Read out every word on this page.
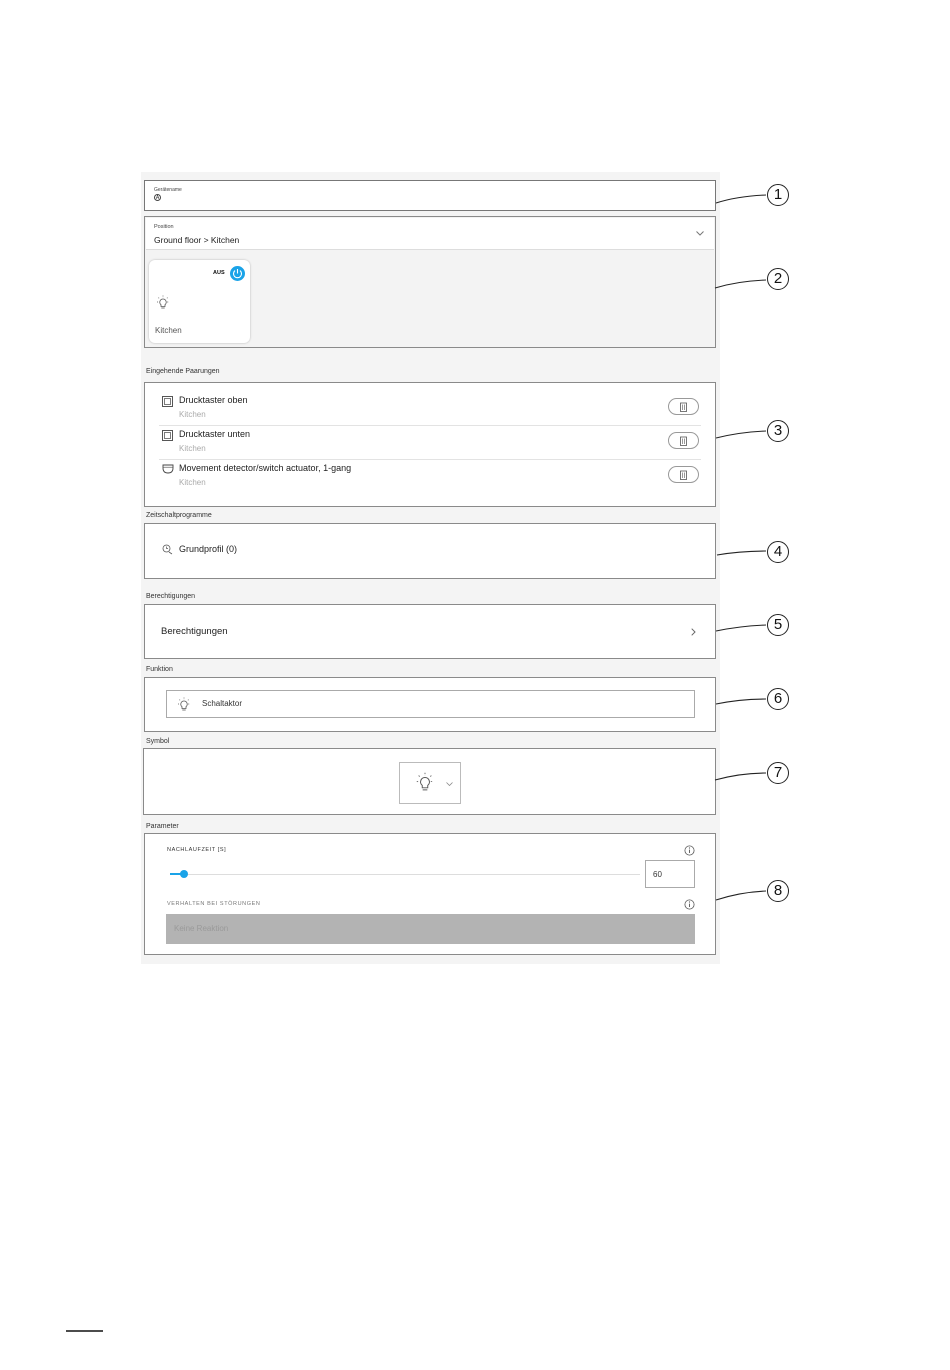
Gerätename
A
Position
Ground floor > Kitchen
AUS
Kitchen
Eingehende Paarungen
Drucktaster oben
Kitchen
Drucktaster unten
Kitchen
Movement detector/switch actuator, 1-gang
Kitchen
Zeitschaltprogramme
Grundprofil (0)
Berechtigungen
Berechtigungen
Funktion
Schaltaktor
Symbol
Parameter
NACHLAUFZEIT [S]
60
VERHALTEN BEI STÖRUNGEN
Keine Reaktion
1
2
3
4
5
6
7
8
